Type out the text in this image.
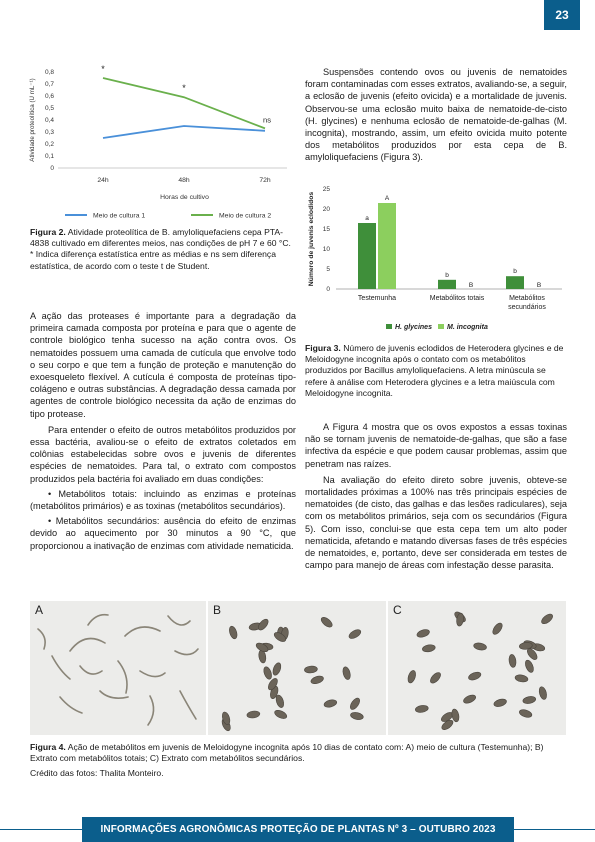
23
0
0,1
0,2
0,3
0,4
0,5
0,6
0,7
0,8
24h	48h	72h
Atividade proteolítica (U mL⁻¹)
Horas de cultivo
*
*
ns
Meio de cultura 1	Meio de cultura 2

Figura 2. Atividade proteolítica de B. amyloliquefaciens cepa PTA-4838 cultivado em diferentes meios, nas condições de pH 7 e 60 °C. * Indica diferença estatística entre as médias e ns sem diferença estatística, de acordo com o teste t de Student.

A ação das proteases é importante para a degradação da primeira camada composta por proteína e para que o agente de controle biológico tenha sucesso na ação contra ovos. Os nematoides possuem uma camada de cutícula que envolve todo o seu corpo e que tem a função de proteção e manutenção do exoesqueleto flexível. A cutícula é composta de proteínas tipo-colágeno e outras substâncias. A degradação dessa camada por agentes de controle biológico necessita da ação de enzimas do tipo protease.

Para entender o efeito de outros metabólitos produzidos por essa bactéria, avaliou-se o efeito de extratos coletados em colônias estabelecidas sobre ovos e juvenis de diferentes espécies de nematoides. Para tal, o extrato com compostos produzidos pela bactéria foi avaliado em duas condições:

• Metabólitos totais: incluindo as enzimas e proteínas (metabólitos primários) e as toxinas (metabólitos secundários).

• Metabólitos secundários: ausência do efeito de enzimas devido ao aquecimento por 30 minutos a 90 °C, que proporcionou a inativação de enzimas com atividade nematicida.

Suspensões contendo ovos ou juvenis de nematoides foram contaminadas com esses extratos, avaliando-se, a seguir, a eclosão de juvenis (efeito ovicida) e a mortalidade de juvenis. Observou-se uma eclosão muito baixa de nematoide-de-cisto (H. glycines) e nenhuma eclosão de nematoide-de-galhas (M. incognita), mostrando, assim, um efeito ovicida muito potente dos metabólitos produzidos por esta cepa de B. amyloliquefaciens (Figura 3).

0
5
10
15
20
25
Número de juvenis eclodidos	a
A
Testemunha
b
B
Metabólitos totais
b
B
Metabólitos
secundários
H. glycines M. incognita

Figura 3. Número de juvenis eclodidos de Heterodera glycines e de Meloidogyne incognita após o contato com os metabólitos produzidos por Bacillus amyloliquefaciens. A letra minúscula se refere à análise com Heterodera glycines e a letra maiúscula com Meloidogyne incognita.

A Figura 4 mostra que os ovos expostos a essas toxinas não se tornam juvenis de nematoide-de-galhas, que são a fase infectiva da espécie e que podem causar problemas, assim que penetram nas raízes.

Na avaliação do efeito direto sobre juvenis, obteve-se mortalidades próximas a 100% nas três principais espécies de nematoides (de cisto, das galhas e das lesões radiculares), seja com os metabólitos primários, seja com os secundários (Figura 5). Com isso, conclui-se que esta cepa tem um alto poder nematicida, afetando e matando diversas fases de três espécies de nematoides, e, portanto, deve ser considerada em testes de campo para manejo de áreas com infestação desse parasita.

A	B	C

Figura 4. Ação de metabólitos em juvenis de Meloidogyne incognita após 10 dias de contato com: A) meio de cultura (Testemunha); B) Extrato com metabólitos totais; C) Extrato com metabólitos secundários.

Crédito das fotos: Thalita Monteiro.

INFORMAÇÕES AGRONÔMICAS PROTEÇÃO DE PLANTAS Nº 3 – OUTUBRO 2023
